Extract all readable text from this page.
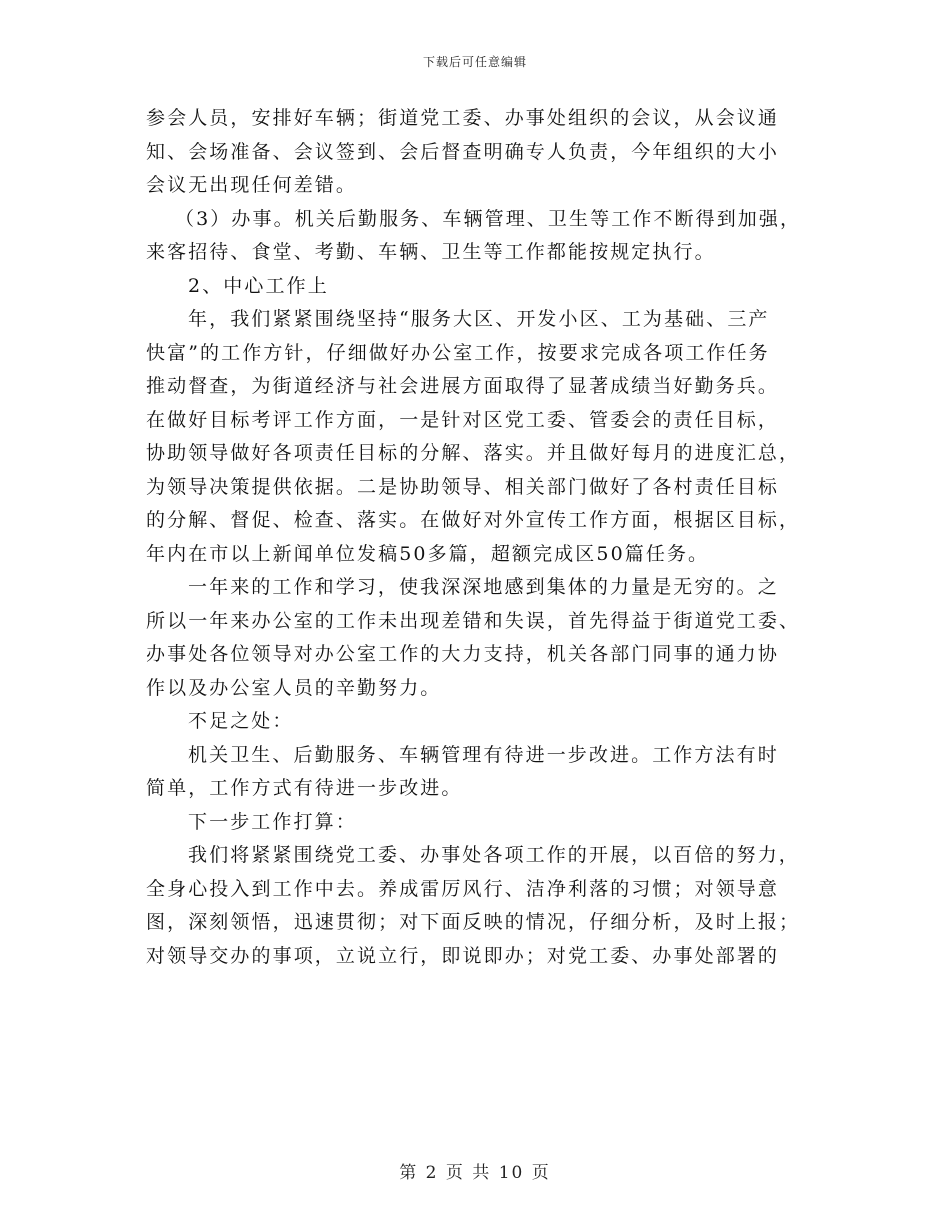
下载后可任意编辑
参会人员，安排好车辆；街道党工委、办事处组织的会议，从会议通
知、会场准备、会议签到、会后督查明确专人负责，今年组织的大小
会议无出现任何差错。
（3）办事。机关后勤服务、车辆管理、卫生等工作不断得到加强，
来客招待、食堂、考勤、车辆、卫生等工作都能按规定执行。
2、中心工作上
年，我们紧紧围绕坚持“服务大区、开发小区、工为基础、三产
快富”的工作方针，仔细做好办公室工作，按要求完成各项工作任务
推动督查，为街道经济与社会进展方面取得了显著成绩当好勤务兵。
在做好目标考评工作方面，一是针对区党工委、管委会的责任目标，
协助领导做好各项责任目标的分解、落实。并且做好每月的进度汇总，
为领导决策提供依据。二是协助领导、相关部门做好了各村责任目标
的分解、督促、检查、落实。在做好对外宣传工作方面，根据区目标，
年内在市以上新闻单位发稿50多篇，超额完成区50篇任务。
一年来的工作和学习，使我深深地感到集体的力量是无穷的。之
所以一年来办公室的工作未出现差错和失误，首先得益于街道党工委、
办事处各位领导对办公室工作的大力支持，机关各部门同事的通力协
作以及办公室人员的辛勤努力。
不足之处：
机关卫生、后勤服务、车辆管理有待进一步改进。工作方法有时
简单，工作方式有待进一步改进。
下一步工作打算：
我们将紧紧围绕党工委、办事处各项工作的开展，以百倍的努力，
全身心投入到工作中去。养成雷厉风行、洁净利落的习惯；对领导意
图，深刻领悟，迅速贯彻；对下面反映的情况，仔细分析，及时上报；
对领导交办的事项，立说立行，即说即办；对党工委、办事处部署的
第 2 页 共 10 页
